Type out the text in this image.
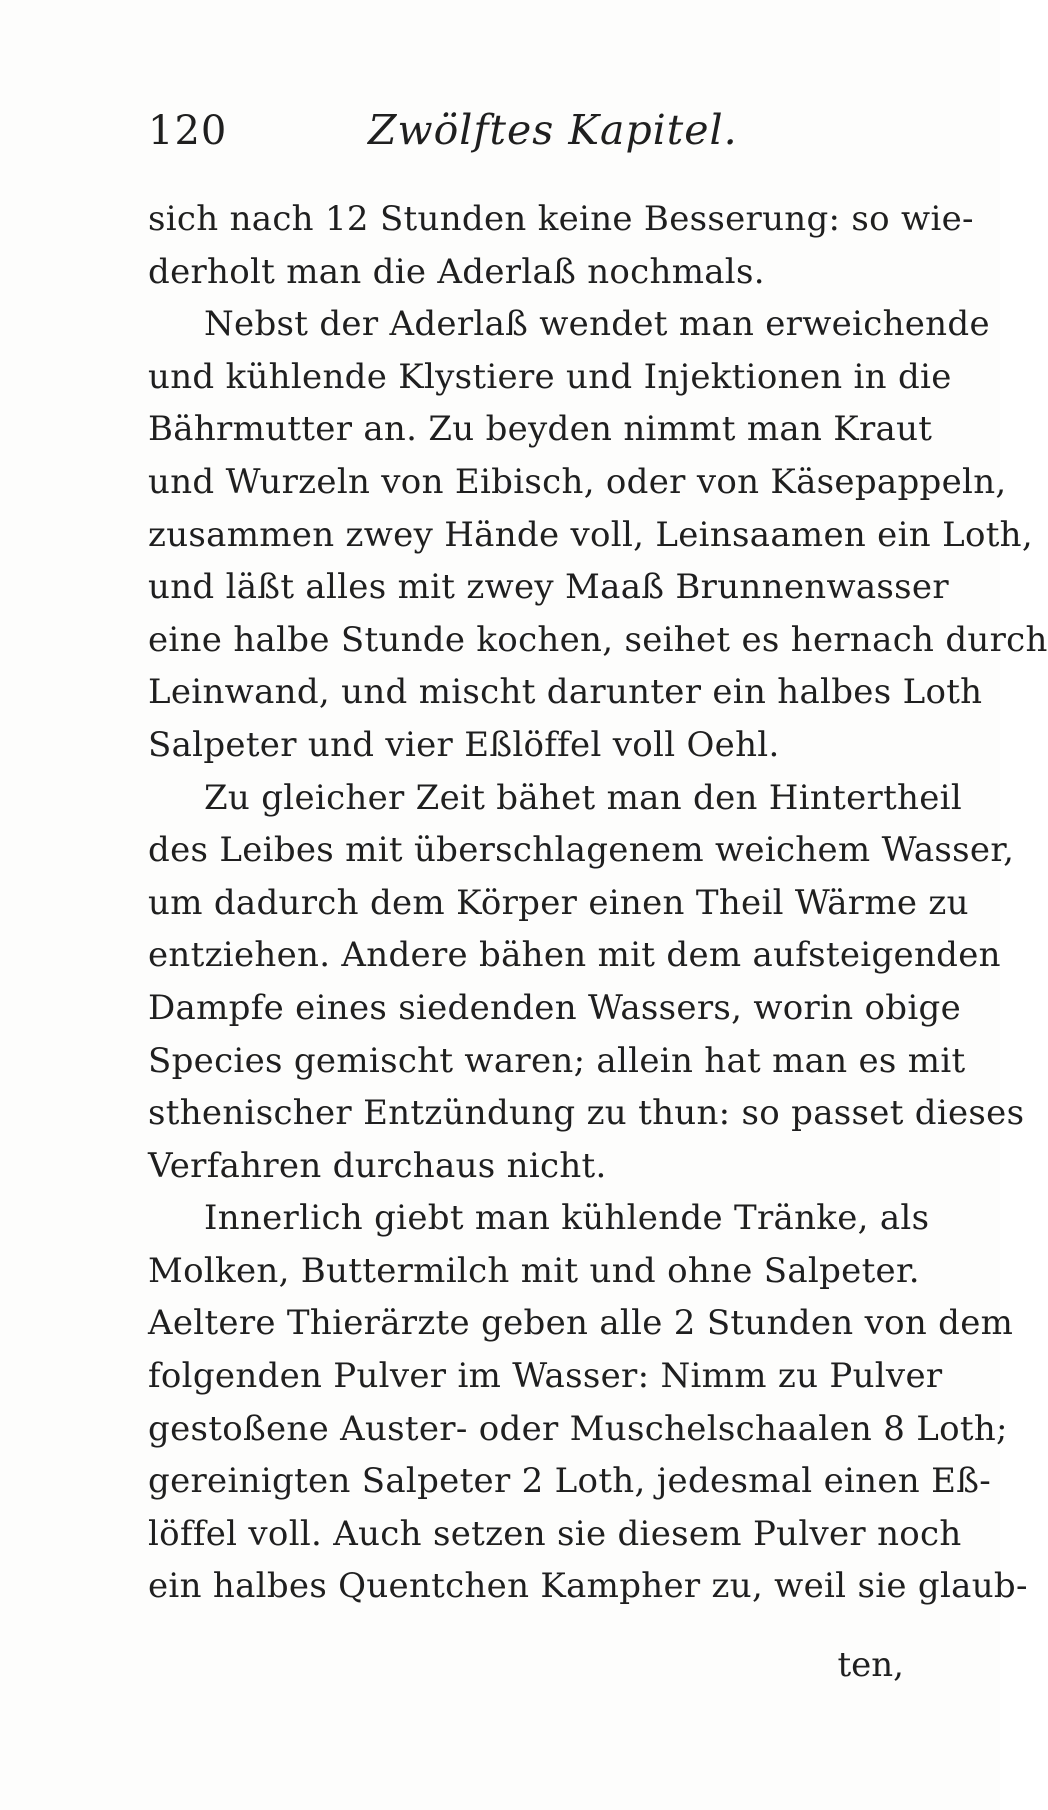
120	Zwölftes Kapitel.
sich nach 12 Stunden keine Besserung: so wie-
derholt man die Aderlaß nochmals.
Nebst der Aderlaß wendet man erweichende
und kühlende Klystiere und Injektionen in die
Bährmutter an. Zu beyden nimmt man Kraut
und Wurzeln von Eibisch, oder von Käsepappeln,
zusammen zwey Hände voll, Leinsaamen ein Loth,
und läßt alles mit zwey Maaß Brunnenwasser
eine halbe Stunde kochen, seihet es hernach durch
Leinwand, und mischt darunter ein halbes Loth
Salpeter und vier Eßlöffel voll Oehl.
Zu gleicher Zeit bähet man den Hintertheil
des Leibes mit überschlagenem weichem Wasser,
um dadurch dem Körper einen Theil Wärme zu
entziehen. Andere bähen mit dem aufsteigenden
Dampfe eines siedenden Wassers, worin obige
Species gemischt waren; allein hat man es mit
sthenischer Entzündung zu thun: so passet dieses
Verfahren durchaus nicht.
Innerlich giebt man kühlende Tränke, als
Molken, Buttermilch mit und ohne Salpeter.
Aeltere Thierärzte geben alle 2 Stunden von dem
folgenden Pulver im Wasser: Nimm zu Pulver
gestoßene Auster- oder Muschelschaalen 8 Loth;
gereinigten Salpeter 2 Loth, jedesmal einen Eß-
löffel voll. Auch setzen sie diesem Pulver noch
ein halbes Quentchen Kampher zu, weil sie glaub-
ten,
